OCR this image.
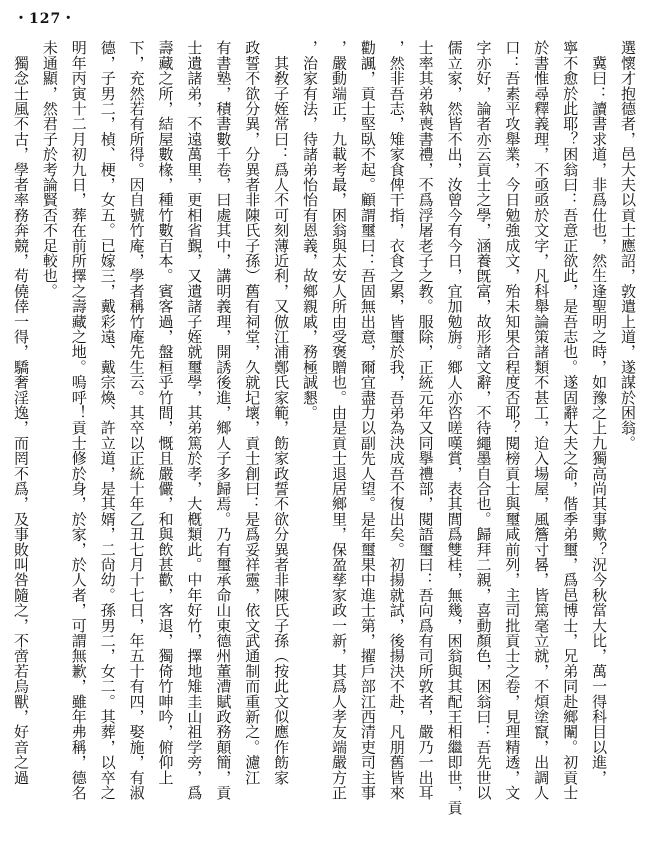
・127・
選懷才抱德者，邑大夫以貢士應詔，敦遣上道，遂謀於困翁。
　冀曰：讀書求道，非爲仕也，然生逢聖明之時，如豫之上九獨高尚其事歟？況今秋當大比，萬一得科目以進，
寧不愈於此耶？困翁曰：吾意正欲此，是吾志也。遂固辭大夫之命，偕季弟璽，爲邑博士，兄弟同赴鄉闈。初貢士
於書惟尋釋義理，不亟亟於文字，凡科舉論策諸類不甚工，迨入場屋，風簷寸晷，皆篤毫立就，不煩塗竄，出調人
口：吾素平攻舉業，今日勉強成文，殆未知果合程度否耶？閱榜貢士與璽咸前列，主司批貢士之卷，見理精透，文
字亦好，論者亦云貢士之學，涵養旣富，故形諸文辭，不待繩墨自合也。歸拜二親，喜動顏色，困翁曰：吾先世以
儒立家，然皆不出，汝曾今有今日，宜加勉旃。鄉人亦咨嗟嘆賞，表其閭爲雙桂，無幾，困翁與其配王相繼即世，貢
士率其弟執喪書禮，不爲浮屠老子之教。服除，正統元年又同擧禮部，閱語璽曰：吾向爲有司所敦者，嚴乃一出耳
，然非吾志，雉家食俾干指，衣食之累，皆璽於我，吾弟為決成吾不復出矣。初揚就試，後揚決不赴，凡朋舊皆來
勸諷，貢士堅臥不起。顧謂璽曰：吾固無出意，爾宜盡力以副先人望。是年璽果中進士第，擢戶部江西清吏司主事
，嚴動端正，九載考最，困翁與太安人所由受褒贈也。由是貢士退居鄉里，保盈孳家政一新，其爲人孝友端嚴方正
，治家有法，待諸弟怡怡有恩義，故鄉親戚，務極誠懇。
　其敎子姪常曰：爲人不可刻薄近利，又倣江浦鄭氏家範，飭家政誓不欲分異者非陳氏子孫（按此文似應作飭家
政誓不欲分異，分異者非陳氏子孫）舊有祠堂，久就圮壞，貢士創曰：是爲妥祥靈，依文武通制而重新之。濾江
有書塾，積書數千卷，曰處其中，講明義理，開誘後進，鄉人子多歸焉。乃有璽承命山東德州董漕賦政務顛簡，貢
士遺諸弟，不遠萬里，更相省覲，又遺諸子姪就璽學，其弟篤於孝，大槪類此。中年好竹，擇地雉圭山祖学旁，爲
壽藏之所，結屋數椽，種竹數百本。賓客過，盤桓乎竹間，慨且嚴儼，和與飲甚歡，客退，獨倚竹呻吟，俯仰上
下，充然若有所得。因自號竹庵，學者稱竹庵先生云。其卒以正統十年乙丑七月十七日，年五十有四，娶施，有淑
德，子男二，楨、梗，女五。已嫁三，戴彩遠、戴宗煥、許立道，是其婿，二尙幼。孫男二，女二。其葬，以卒之
明年丙寅十二月初九日，葬在前所擇之壽藏之地。嗚呼！貢士修於身，於家，於人者，可謂無歉，雖年弗稱，德名
未通顯，然君子於考論賢否不足較也。
　獨念士風不古，學者率務奔競，苟僥倖一得，驕奢淫逸，而罔不爲，及事敗叫咎隨之，不啻若烏獸，好音之過
